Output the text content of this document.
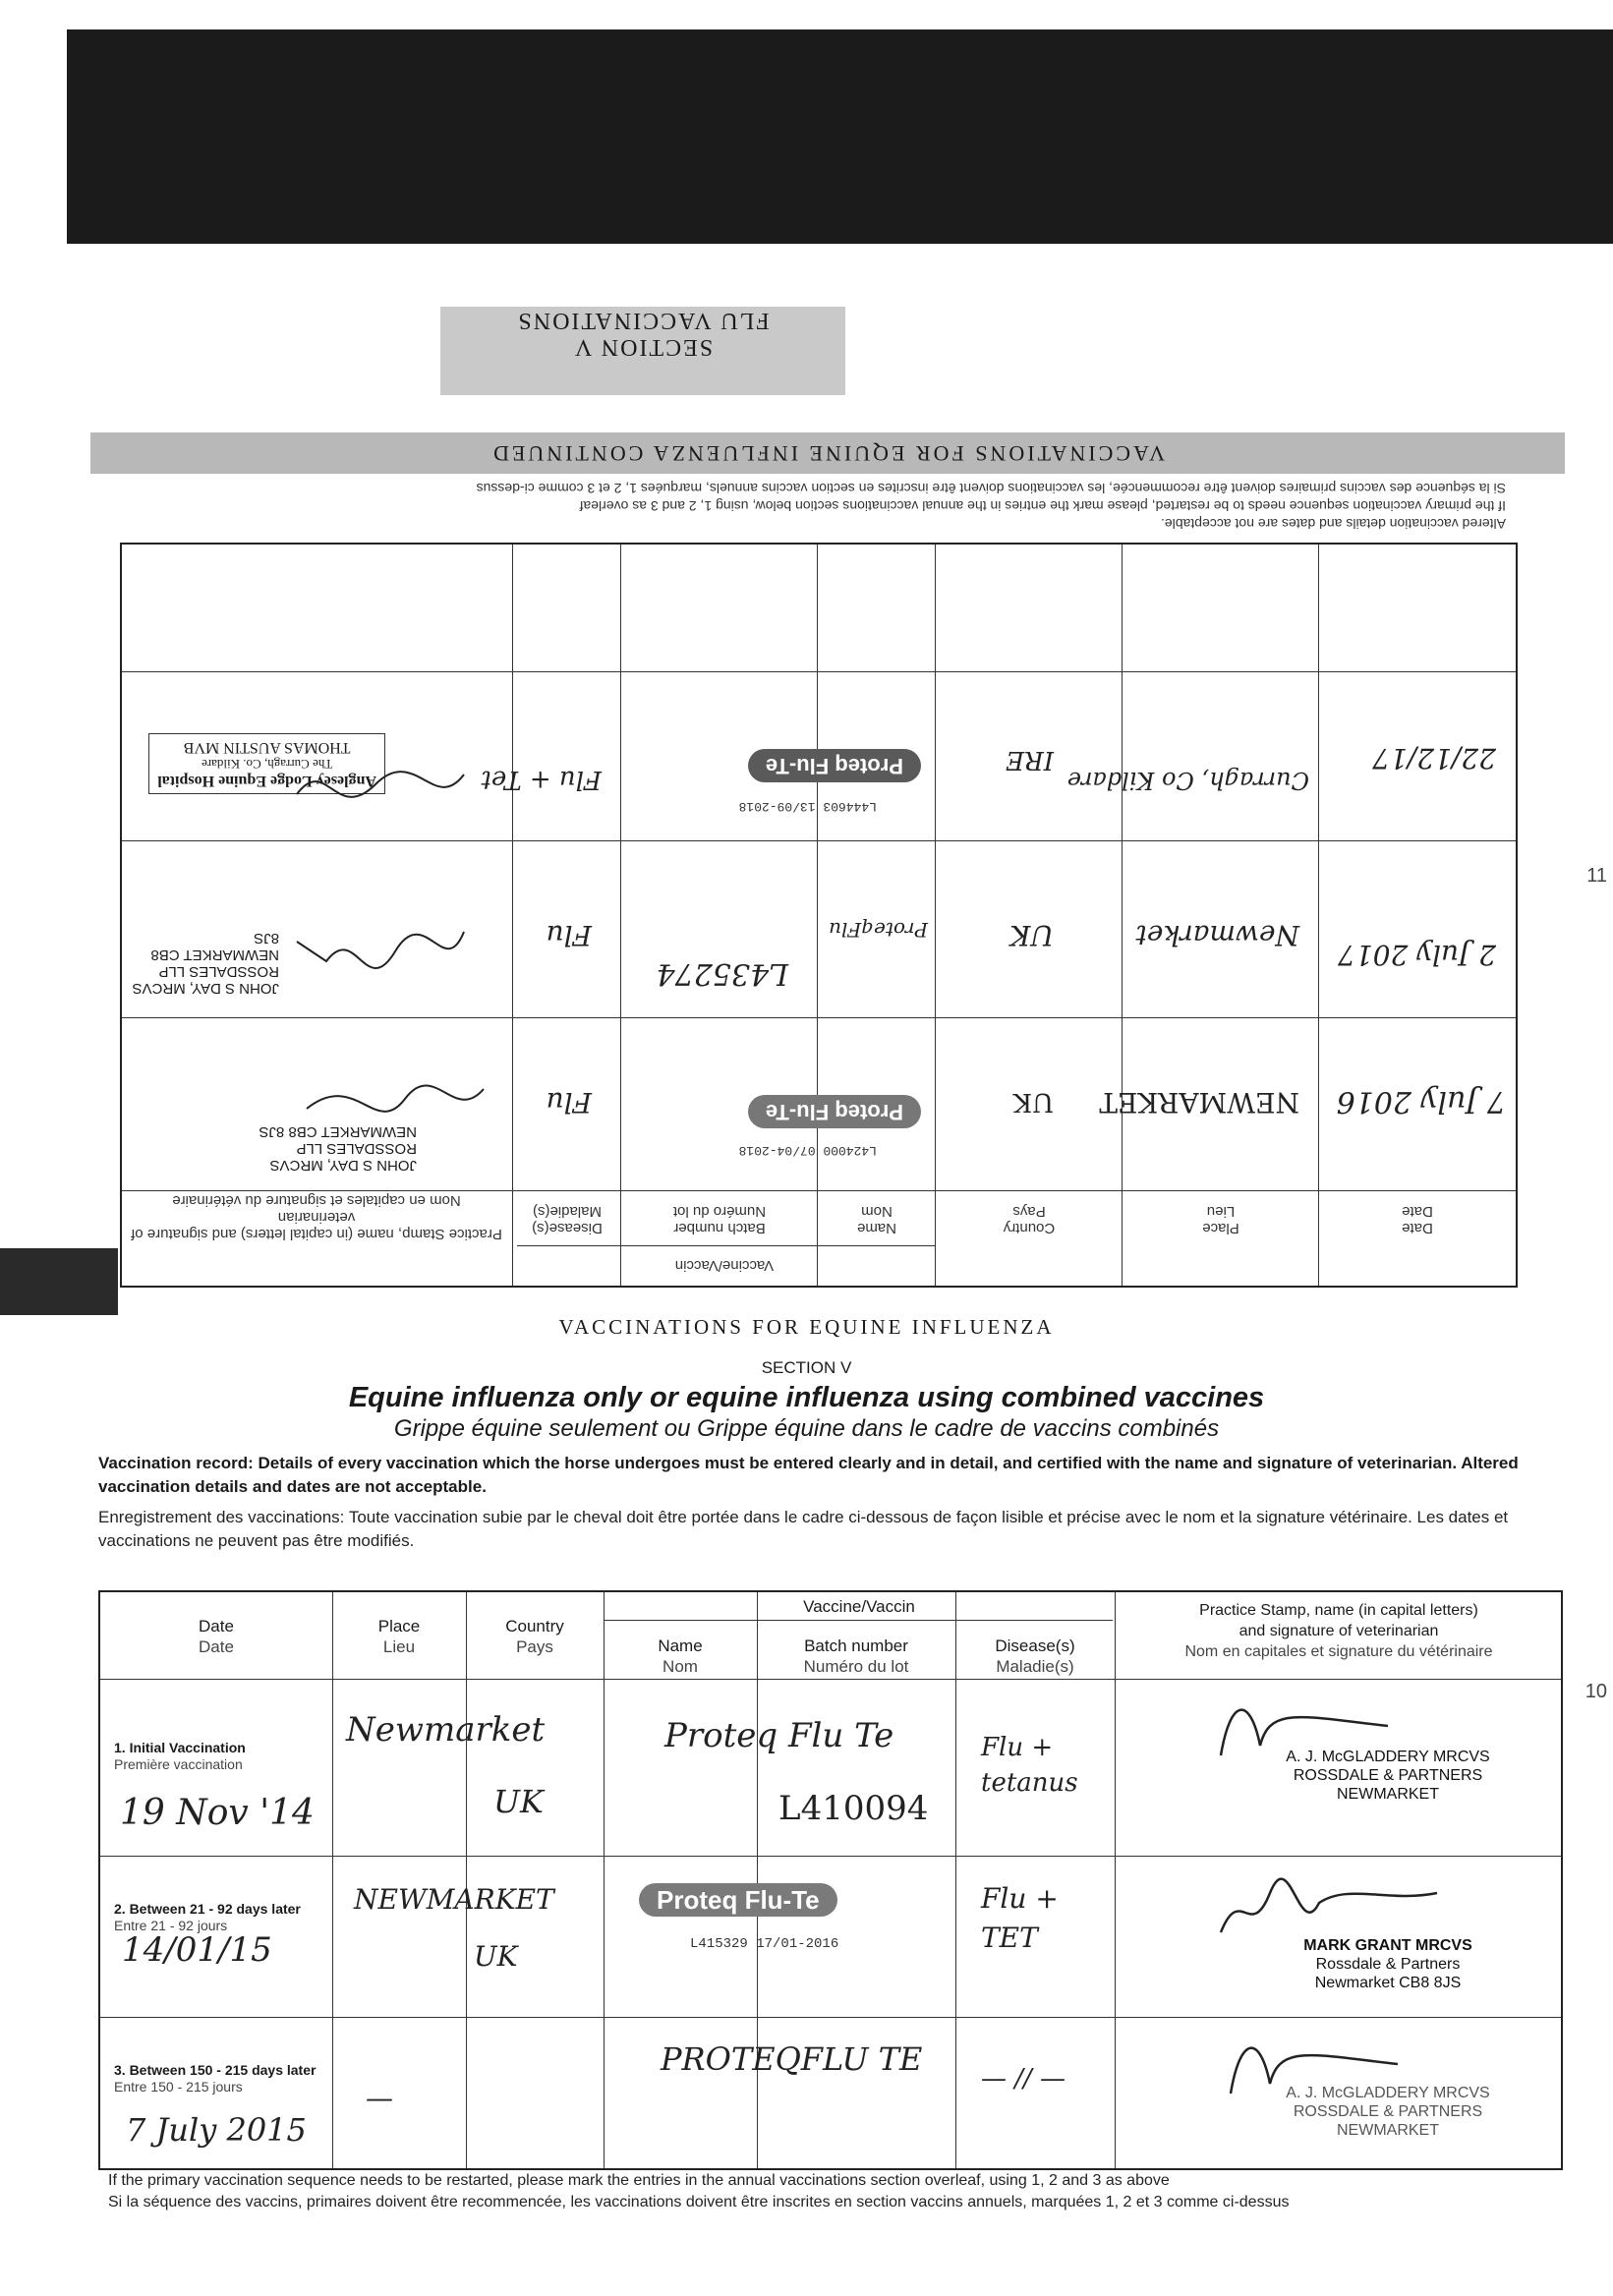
SECTION V
FLU VACCINATIONS
11
10
Date
Date
Place
Lieu
Country
Pays
Vaccine/Vaccin
Name
Nom
Batch number
Numéro du lot
Disease(s)
Maladie(s)
Practice Stamp, name (in capital letters) and signature of veterinarian
Nom en capitales et signature du vétérinaire
7 July 2016
NEWMARKET
UK
Proteq Flu-Te
L424000 07/04-2018
Flu
JOHN S DAY, MRCVS
ROSSDALES LLP
NEWMARKET CB8 8JS
2 July 2017
Newmarket
UK
ProteqFlu
L435274
Flu
JOHN S DAY, MRCVS
ROSSDALES LLP
NEWMARKET CB8 8JS
22/12/17
Curragh, Co Kildare
IRE
Proteq Flu-Te
L444603 13/09-2018
Flu + Tet
Anglesey Lodge Equine Hospital
The Curragh, Co. Kildare
THOMAS AUSTIN MVB
Altered vaccination details and dates are not acceptable.
If the primary vaccination sequence needs to be restarted, please mark the entries in the annual vaccinations section below, using 1, 2 and 3 as overleaf
Si la séquence des vaccins primaires doivent être recommencée, les vaccinations doivent être inscrites en section vaccins annuels, marquées 1, 2 et 3 comme ci-dessus
VACCINATIONS FOR EQUINE INFLUENZA CONTINUED
VACCINATIONS FOR EQUINE INFLUENZA
SECTION V
Equine influenza only or equine influenza using combined vaccines
Grippe équine seulement ou Grippe équine dans le cadre de vaccins combinés
Vaccination record: Details of every vaccination which the horse undergoes must be entered clearly and in detail, and certified with the name and signature of veterinarian. Altered vaccination details and dates are not acceptable.
Enregistrement des vaccinations: Toute vaccination subie par le cheval doit être portée dans le cadre ci-dessous de façon lisible et précise avec le nom et la signature vétérinaire. Les dates et vaccinations ne peuvent pas être modifiés.
Date
Date
Place
Lieu
Country
Pays
Vaccine/Vaccin
Name
Nom
Batch number
Numéro du lot
Disease(s)
Maladie(s)
Practice Stamp, name (in capital letters)
and signature of veterinarian
Nom en capitales et signature du vétérinaire
1. Initial Vaccination
Première vaccination
19 Nov '14
Newmarket
UK
Proteq Flu Te
L410094
Flu + tetanus
A. J. McGLADDERY MRCVS
ROSSDALE & PARTNERS
NEWMARKET
2. Between 21 - 92 days later
Entre 21 - 92 jours
14/01/15
NEWMARKET
UK
Proteq Flu-Te
L415329 17/01-2016
Flu + TET	MARK GRANT MRCVS
Rossdale & Partners
Newmarket CB8 8JS
3. Between 150 - 215 days later
Entre 150 - 215 jours
7 July 2015
—
PROTEQFLU TE
— // —	A. J. McGLADDERY MRCVS
ROSSDALE & PARTNERS
NEWMARKET
If the primary vaccination sequence needs to be restarted, please mark the entries in the annual vaccinations section overleaf, using 1, 2 and 3 as above
Si la séquence des vaccins, primaires doivent être recommencée, les vaccinations doivent être inscrites en section vaccins annuels, marquées 1, 2 et 3 comme ci-dessus
